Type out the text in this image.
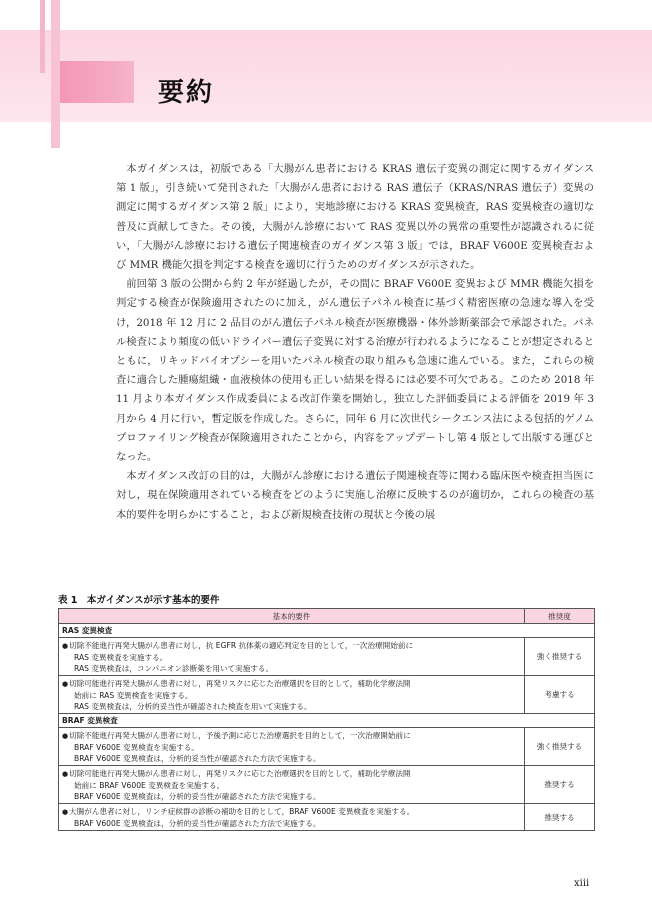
要約

本ガイダンスは，初版である「大腸がん患者における KRAS 遺伝子変異の測定に関するガイダンス第 1 版」，引き続いて発刊された「大腸がん患者における RAS 遺伝子（KRAS/NRAS 遺伝子）変異の測定に関するガイダンス第 2 版」により，実地診療における KRAS 変異検査，RAS 変異検査の適切な普及に貢献してきた。その後，大腸がん診療において RAS 変異以外の異常の重要性が認識されるに従い，「大腸がん診療における遺伝子関連検査のガイダンス第 3 版」では，BRAF V600E 変異検査および MMR 機能欠損を判定する検査を適切に行うためのガイダンスが示された。

前回第 3 版の公開から約 2 年が経過したが，その間に BRAF V600E 変異および MMR 機能欠損を判定する検査が保険適用されたのに加え，がん遺伝子パネル検査に基づく精密医療の急速な導入を受け，2018 年 12 月に 2 品目のがん遺伝子パネル検査が医療機器・体外診断薬部会で承認された。パネル検査により頻度の低いドライバー遺伝子変異に対する治療が行われるようになることが想定されるとともに，リキッドバイオプシーを用いたパネル検査の取り組みも急速に進んでいる。また，これらの検査に適合した腫瘍組織・血液検体の使用も正しい結果を得るには必要不可欠である。このため 2018 年 11 月より本ガイダンス作成委員による改訂作業を開始し，独立した評価委員による評価を 2019 年 3 月から 4 月に行い，暫定版を作成した。さらに，同年 6 月に次世代シークエンス法による包括的ゲノムプロファイリング検査が保険適用されたことから，内容をアップデートし第 4 版として出版する運びとなった。

本ガイダンス改訂の目的は，大腸がん診療における遺伝子関連検査等に関わる臨床医や検査担当医に対し，現在保険適用されている検査をどのように実施し治療に反映するのが適切か，これらの検査の基本的要件を明らかにすること，および新規検査技術の現状と今後の展

表 1　本ガイダンスが示す基本的要件
基本的要件	推奨度
RAS 変異検査	

● 切除不能進行再発大腸がん患者に対し，抗 EGFR 抗体薬の適応判定を目的として，一次治療開始前に
RAS 変異検査を実施する。
RAS 変異検査は，コンパニオン診断薬を用いて実施する。	強く推奨する

● 切除可能進行再発大腸がん患者に対し，再発リスクに応じた治療選択を目的として，補助化学療法開
始前に RAS 変異検査を実施する。
RAS 変異検査は，分析的妥当性が確認された検査を用いて実施する。	考慮する
BRAF 変異検査	

● 切除不能進行再発大腸がん患者に対し，予後予測に応じた治療選択を目的として，一次治療開始前に
BRAF V600E 変異検査を実施する。
BRAF V600E 変異検査は，分析的妥当性が確認された方法で実施する。	強く推奨する

● 切除可能進行再発大腸がん患者に対し，再発リスクに応じた治療選択を目的として，補助化学療法開
始前に BRAF V600E 変異検査を実施する。
BRAF V600E 変異検査は，分析的妥当性が確認された方法で実施する。	推奨する

● 大腸がん患者に対し，リンチ症候群の診断の補助を目的として，BRAF V600E 変異検査を実施する。
BRAF V600E 変異検査は，分析的妥当性が確認された方法で実施する。	推奨する
xiii
